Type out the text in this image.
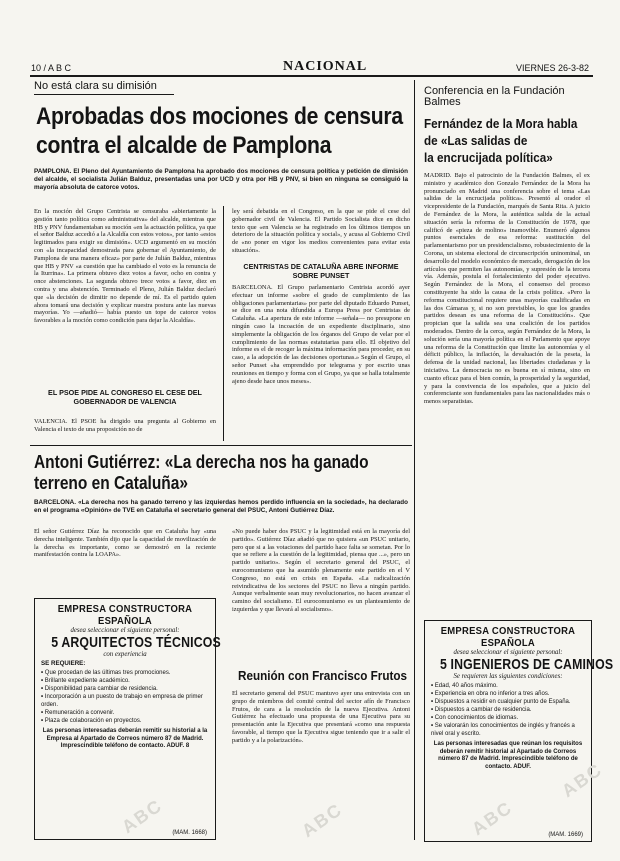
10 / A B C	NACIONAL	VIERNES 26-3-82
No está clara su dimisión
Aprobadas dos mociones de censura
contra el alcalde de Pamplona
PAMPLONA. El Pleno del Ayuntamiento de Pamplona ha aprobado dos mociones de censura política y petición de dimisión del alcalde, el socialista Julián Balduz, presentadas una por UCD y otra por HB y PNV, si bien en ninguna se consiguió la mayoría absoluta de catorce votos.
En la moción del Grupo Centrista se censuraba «abiertamente la gestión tanto política como administrativa» del alcalde, mientras que HB y PNV fundamentaban su moción «en la actuación política, ya que el señor Balduz accedió a la Alcaldía con estos votos», por tanto «estos legitimados para exigir su dimisión». UCD argumentó en su moción con «la incapacidad demostrada para gobernar el Ayuntamiento, de Pamplona de una manera eficaz» por parte de Julián Balduz, mientras que HB y PNV «a cuestión que ha cambiado el voto es la renuncia de la Iturrina». La primera obtuvo diez votos a favor, ocho en contra y once abstenciones. La segunda obtuvo trece votos a favor, diez en contra y una abstención. Terminado el Pleno, Julián Balduz declaró que «la decisión de dimitir no depende de mí. Es el partido quien ahora tomará una decisión y explicar nuestra postura ante las nuevas mayorías. Yo —añadió— había puesto un tope de catorce votos favorables a la moción como condición para dejar la Alcaldía».
EL PSOE PIDE AL CONGRESO EL CESE DEL GOBERNADOR DE VALENCIA
VALENCIA. El PSOE ha dirigido una pregunta al Gobierno en Valencia el texto de una proposición no de
ley será debatida en el Congreso, en la que se pide el cese del gobernador civil de Valencia. El Partido Socialista dice en dicho texto que «en Valencia se ha registrado en los últimos tiempos un deterioro de la situación política y social», y acusa al Gobierno Civil de «no poner en vigor los medios convenientes para evitar esta situación».
CENTRISTAS DE CATALUÑA ABRE INFORME SOBRE PUNSET
BARCELONA. El Grupo parlamentario Centrista acordó ayer efectuar un informe «sobre el grado de cumplimiento de las obligaciones parlamentarias» por parte del diputado Eduardo Punset, se dice en una nota difundida a Europa Press por Centristas de Cataluña. «La apertura de este informe —señala— no presupone en ningún caso la incoación de un expediente disciplinario, sino simplemente la obligación de los órganos del Grupo de velar por el cumplimiento de las normas estatutarias para ello. El objetivo del informe es el de recoger la máxima información para proceder, en su caso, a la adopción de las decisiones oportunas.» Según el Grupo, el señor Punset «ha emprendido por telegrama y por escrito unas reuniones en tiempo y forma con el Grupo, ya que se halla totalmente ajeno desde hace unos meses».
Antoni Gutiérrez: «La derecha nos ha ganado
terreno en Cataluña»
BARCELONA. «La derecha nos ha ganado terreno y las izquierdas hemos perdido influencia en la sociedad», ha declarado en el programa «Opinión» de TVE en Cataluña el secretario general del PSUC, Antoni Gutiérrez Díaz.
El señor Gutiérrez Díaz ha reconocido que en Cataluña hay «una derecha inteligente. También dijo que la capacidad de movilización de la derecha es importante, como se demostró en la reciente manifestación contra la LOAPA».
«No puede haber dos PSUC y la legitimidad está en la mayoría del partido». Gutiérrez Díaz añadió que no quisiera «un PSUC unitario, pero que si a las votaciones del partido hace falta se sometan. Por lo que se refiere a la cuestión de la legitimidad, piensa que ...», pero un partido unitario». Según el secretario general del PSUC, el eurocomunismo que ha asumido plenamente este partido en el V Congreso, no está en crisis en España. «La radicalización reivindicativa de los sectores del PSUC no lleva a ningún partido. Aunque verbalmente sean muy revolucionarios, no hacen avanzar el camino del socialismo. El eurocomunismo es un planteamiento de izquierdas y que llevará al socialismo».
Reunión con Francisco Frutos
El secretario general del PSUC mantuvo ayer una entrevista con un grupo de miembros del comité central del sector afín de Francisco Frutos, de cara a la resolución de la nueva Ejecutiva. Antoni Gutiérrez ha efectuado una propuesta de una Ejecutiva para su presentación ante la Ejecutiva que presentará «como una respuesta favorable, al tiempo que la Ejecutiva sigue teniendo que ir a salir el partido y a la polarización».
Conferencia en la Fundación Balmes
Fernández de la Mora habla
de «Las salidas de
la encrucijada política»
MADRID. Bajo el patrocinio de la Fundación Balmes, el ex ministro y académico don Gonzalo Fernández de la Mora ha pronunciado en Madrid una conferencia sobre el tema «Las salidas de la encrucijada política». Presentó al orador el vicepresidente de la Fundación, marqués de Santa Rita. A juicio de Fernández de la Mora, la auténtica salida de la actual situación sería la reforma de la Constitución de 1978, que calificó de «pieza de molino» inamovible. Enumeró algunos puntos esenciales de esa reforma: sustitución del parlamentarismo por un presidencialismo, robustecimiento de la Corona, un sistema electoral de circunscripción uninominal, un desarrollo del modelo económico de mercado, derogación de los artículos que permiten las autonomías, y supresión de la tercera vía. Además, postula el fortalecimiento del poder ejecutivo. Según Fernández de la Mora, el consenso del proceso constituyente ha sido la causa de la crisis política. «Pero la reforma constitucional requiere unas mayorías cualificadas en las dos Cámaras y, si no son previsibles, lo que los grandes partidos desean es una reforma de la Constitución». Que propician que la salida sea una coalición de los partidos moderados. Dentro de la cerca, según Fernández de la Mora, la solución sería una mayoría política en el Parlamento que apoye una reforma de la Constitución que limite las autonomías y el déficit público, la inflación, la devaluación de la peseta, la defensa de la unidad nacional, las libertades ciudadanas y la iniciativa. La democracia no es buena en sí misma, sino en cuanto eficaz para el bien común, la prosperidad y la seguridad, y para la convivencia de los españoles, que a juicio del conferenciante son fundamentales para las nacionalidades más o menos separatistas.
EMPRESA CONSTRUCTORA ESPAÑOLA
desea seleccionar el siguiente personal:
5 ARQUITECTOS TÉCNICOS
con experiencia
SE REQUIERE:
• Que procedan de las últimas tres promociones.
• Brillante expediente académico.
• Disponibilidad para cambiar de residencia.
• Incorporación a un puesto de trabajo en empresa de primer orden.
• Remuneración a convenir.
• Plaza de colaboración en proyectos.
Las personas interesadas deberán remitir su historial a la Empresa al Apartado de Correos número 87 de Madrid. Imprescindible teléfono de contacto. ADUF. 8
(MAM. 1668)
EMPRESA CONSTRUCTORA ESPAÑOLA
desea seleccionar el siguiente personal:
5 INGENIEROS DE CAMINOS
Se requieren las siguientes condiciones:
• Edad, 40 años máximo.
• Experiencia en obra no inferior a tres años.
• Dispuestos a residir en cualquier punto de España.
• Dispuestos a cambiar de residencia.
• Con conocimientos de idiomas.
• Se valorarán los conocimientos de inglés y francés a nivel oral y escrito.
Las personas interesadas que reúnan los requisitos deberán remitir historial al Apartado de Correos número 87 de Madrid. Imprescindible teléfono de contacto. ADUF.
(MAM. 1669)
ABC	ABC	ABC
ABC
